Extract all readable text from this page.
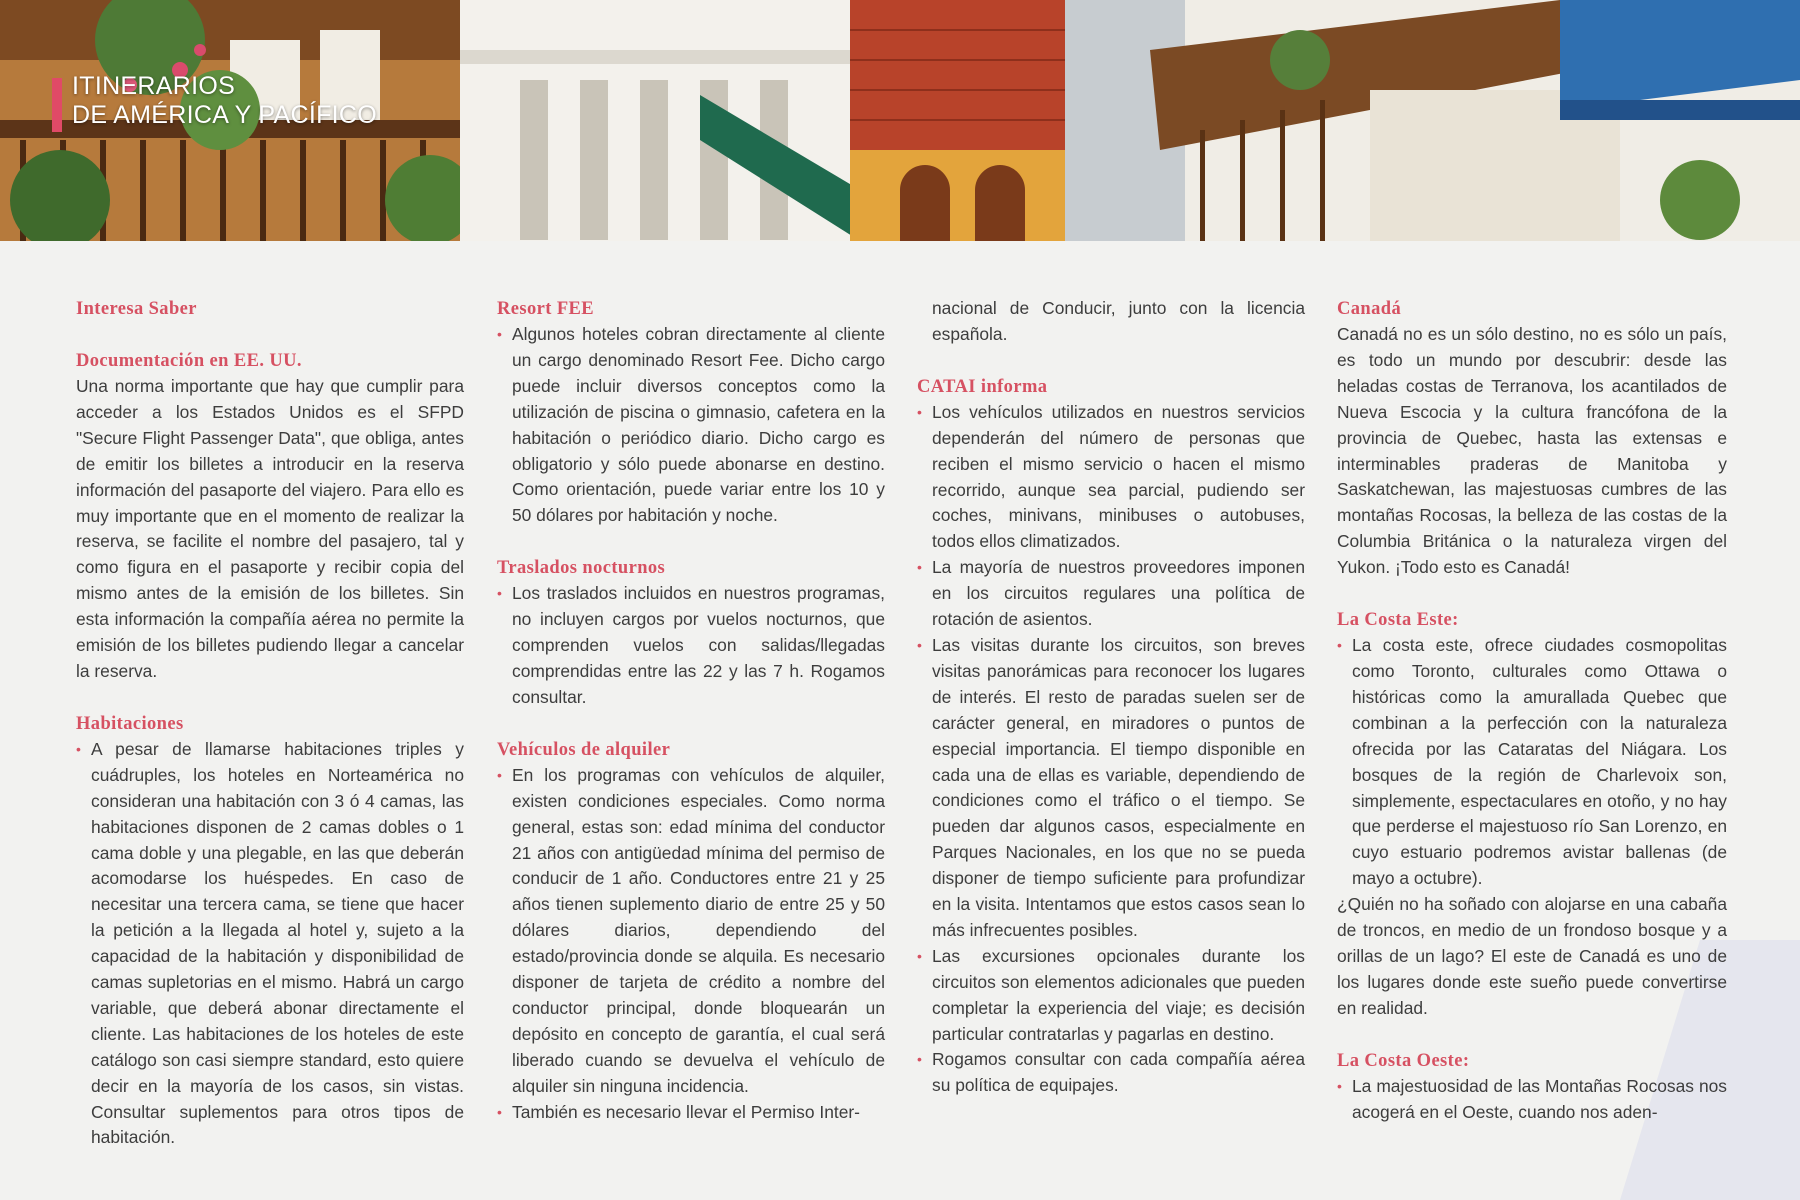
ITINERARIOS
DE AMÉRICA Y PACÍFICO
Interesa Saber
Documentación en EE. UU.

Una norma importante que hay que cumplir para acceder a los Estados Unidos es el SFPD "Secure Flight Passenger Data", que obliga, antes de emitir los billetes a introducir en la reserva información del pasaporte del viajero. Para ello es muy importante que en el momento de realizar la reserva, se facilite el nombre del pasajero, tal y como figura en el pasaporte y recibir copia del mismo antes de la emisión de los billetes. Sin esta información la compañía aérea no permite la emisión de los billetes pudiendo llegar a cancelar la reserva.

Habitaciones
• A pesar de llamarse habitaciones triples y cuádruples, los hoteles en Norteamérica no consideran una habitación con 3 ó 4 camas, las habitaciones disponen de 2 camas dobles o 1 cama doble y una plegable, en las que deberán acomodarse los huéspedes. En caso de necesitar una tercera cama, se tiene que hacer la petición a la llegada al hotel y, sujeto a la capacidad de la habitación y disponibilidad de camas supletorias en el mismo. Habrá un cargo variable, que deberá abonar directamente el cliente. Las habitaciones de los hoteles de este catálogo son casi siempre standard, esto quiere decir en la mayoría de los casos, sin vistas. Consultar suplementos para otros tipos de habitación.
Resort FEE
• Algunos hoteles cobran directamente al cliente un cargo denominado Resort Fee. Dicho cargo puede incluir diversos conceptos como la utilización de piscina o gimnasio, cafetera en la habitación o periódico diario. Dicho cargo es obligatorio y sólo puede abonarse en destino. Como orientación, puede variar entre los 10 y 50 dólares por habitación y noche.
Traslados nocturnos
• Los traslados incluidos en nuestros programas, no incluyen cargos por vuelos nocturnos, que comprenden vuelos con salidas/llegadas comprendidas entre las 22 y las 7 h. Rogamos consultar.
Vehículos de alquiler
• En los programas con vehículos de alquiler, existen condiciones especiales. Como norma general, estas son: edad mínima del conductor 21 años con antigüedad mínima del permiso de conducir de 1 año. Conductores entre 21 y 25 años tienen suplemento diario de entre 25 y 50 dólares diarios, dependiendo del estado/provincia donde se alquila. Es necesario disponer de tarjeta de crédito a nombre del conductor principal, donde bloquearán un depósito en concepto de garantía, el cual será liberado cuando se devuelva el vehículo de alquiler sin ninguna incidencia.
• También es necesario llevar el Permiso Inter-

nacional de Conducir, junto con la licencia española.

CATAI informa
• Los vehículos utilizados en nuestros servicios dependerán del número de personas que reciben el mismo servicio o hacen el mismo recorrido, aunque sea parcial, pudiendo ser coches, minivans, minibuses o autobuses, todos ellos climatizados.
• La mayoría de nuestros proveedores imponen en los circuitos regulares una política de rotación de asientos.
• Las visitas durante los circuitos, son breves visitas panorámicas para reconocer los lugares de interés. El resto de paradas suelen ser de carácter general, en miradores o puntos de especial importancia. El tiempo disponible en cada una de ellas es variable, dependiendo de condiciones como el tráfico o el tiempo. Se pueden dar algunos casos, especialmente en Parques Nacionales, en los que no se pueda disponer de tiempo suficiente para profundizar en la visita. Intentamos que estos casos sean lo más infrecuentes posibles.
• Las excursiones opcionales durante los circuitos son elementos adicionales que pueden completar la experiencia del viaje; es decisión particular contratarlas y pagarlas en destino.
• Rogamos consultar con cada compañía aérea su política de equipajes.
Canadá

Canadá no es un sólo destino, no es sólo un país, es todo un mundo por descubrir: desde las heladas costas de Terranova, los acantilados de Nueva Escocia y la cultura francófona de la provincia de Quebec, hasta las extensas e interminables praderas de Manitoba y Saskatchewan, las majestuosas cumbres de las montañas Rocosas, la belleza de las costas de la Columbia Británica o la naturaleza virgen del Yukon. ¡Todo esto es Canadá!

La Costa Este:
• La costa este, ofrece ciudades cosmopolitas como Toronto, culturales como Ottawa o históricas como la amurallada Quebec que combinan a la perfección con la naturaleza ofrecida por las Cataratas del Niágara. Los bosques de la región de Charlevoix son, simplemente, espectaculares en otoño, y no hay que perderse el majestuoso río San Lorenzo, en cuyo estuario podremos avistar ballenas (de mayo a octubre).

¿Quién no ha soñado con alojarse en una cabaña de troncos, en medio de un frondoso bosque y a orillas de un lago? El este de Canadá es uno de los lugares donde este sueño puede convertirse en realidad.

La Costa Oeste:
• La majestuosidad de las Montañas Rocosas nos acogerá en el Oeste, cuando nos aden-
